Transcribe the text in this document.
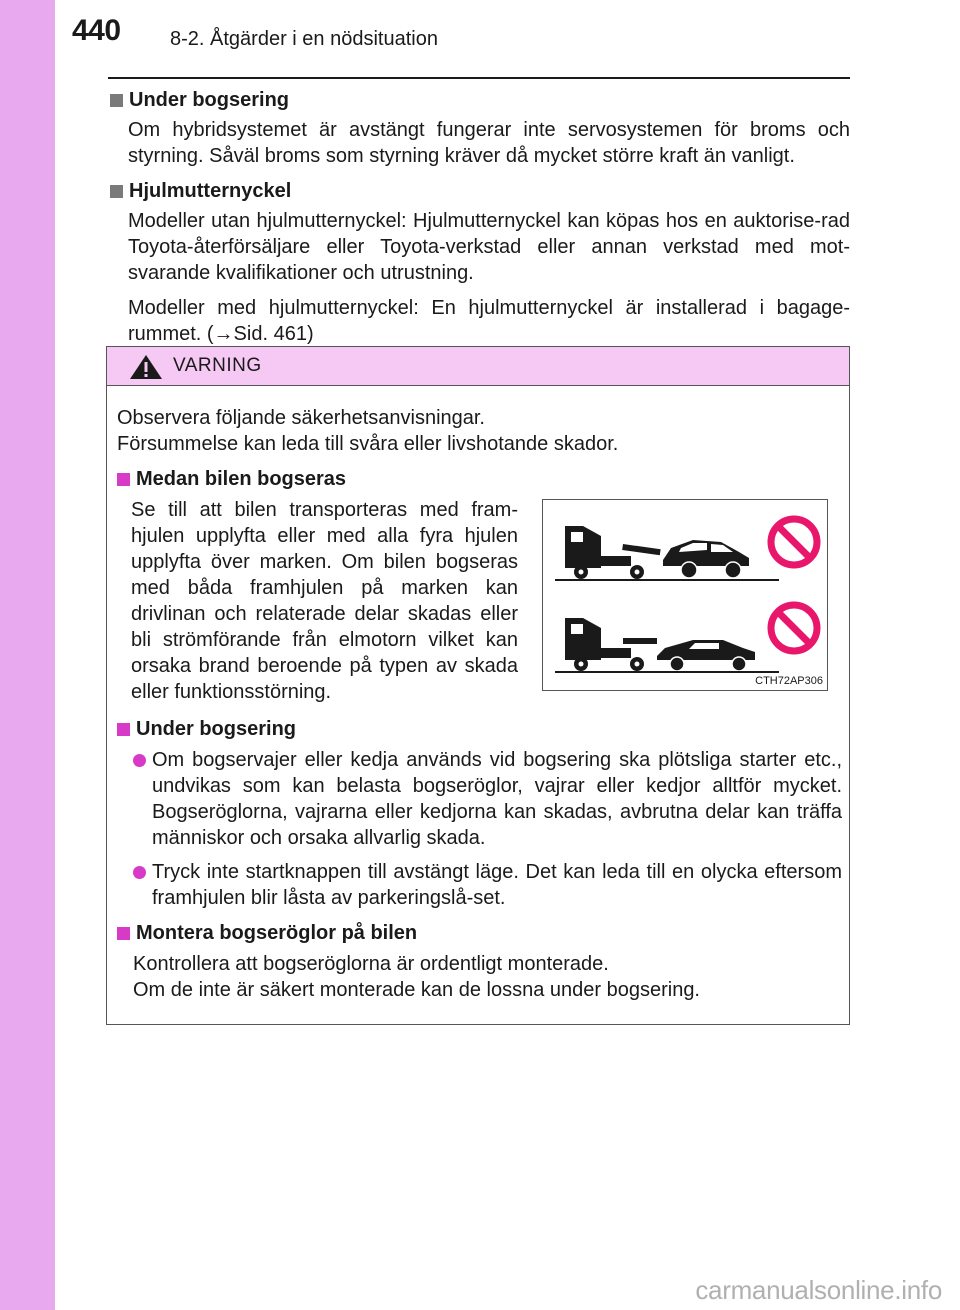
440 8-2. Åtgärder i en nödsituation
Under bogsering

Om hybridsystemet är avstängt fungerar inte servosystemen för broms och styrning. Såväl broms som styrning kräver då mycket större kraft än vanligt.

Hjulmutternyckel

Modeller utan hjulmutternyckel: Hjulmutternyckel kan köpas hos en auktorise-rad Toyota-återförsäljare eller Toyota-verkstad eller annan verkstad med mot-svarande kvalifikationer och utrustning.

Modeller med hjulmutternyckel: En hjulmutternyckel är installerad i bagage-rummet. (→Sid. 461)

VARNING

Observera följande säkerhetsanvisningar.

Försummelse kan leda till svåra eller livshotande skador.

Medan bilen bogseras
Se till att bilen transporteras med fram-hjulen upplyfta eller med alla fyra hjulen upplyfta över marken. Om bilen bogseras med båda framhjulen på marken kan drivlinan och relaterade delar skadas eller bli strömförande från elmotorn vilket kan orsaka brand beroende på typen av skada eller funktionsstörning.	CTH72AP306
Under bogsering
Om bogservajer eller kedja används vid bogsering ska plötsliga starter etc., undvikas som kan belasta bogseröglor, vajrar eller kedjor alltför mycket. Bogseröglorna, vajrarna eller kedjorna kan skadas, avbrutna delar kan träffa människor och orsaka allvarlig skada.
Tryck inte startknappen till avstängt läge. Det kan leda till en olycka eftersom framhjulen blir låsta av parkeringslå-set.
Montera bogseröglor på bilen

Kontrollera att bogseröglorna är ordentligt monterade.

Om de inte är säkert monterade kan de lossna under bogsering.

carmanualsonline.info
